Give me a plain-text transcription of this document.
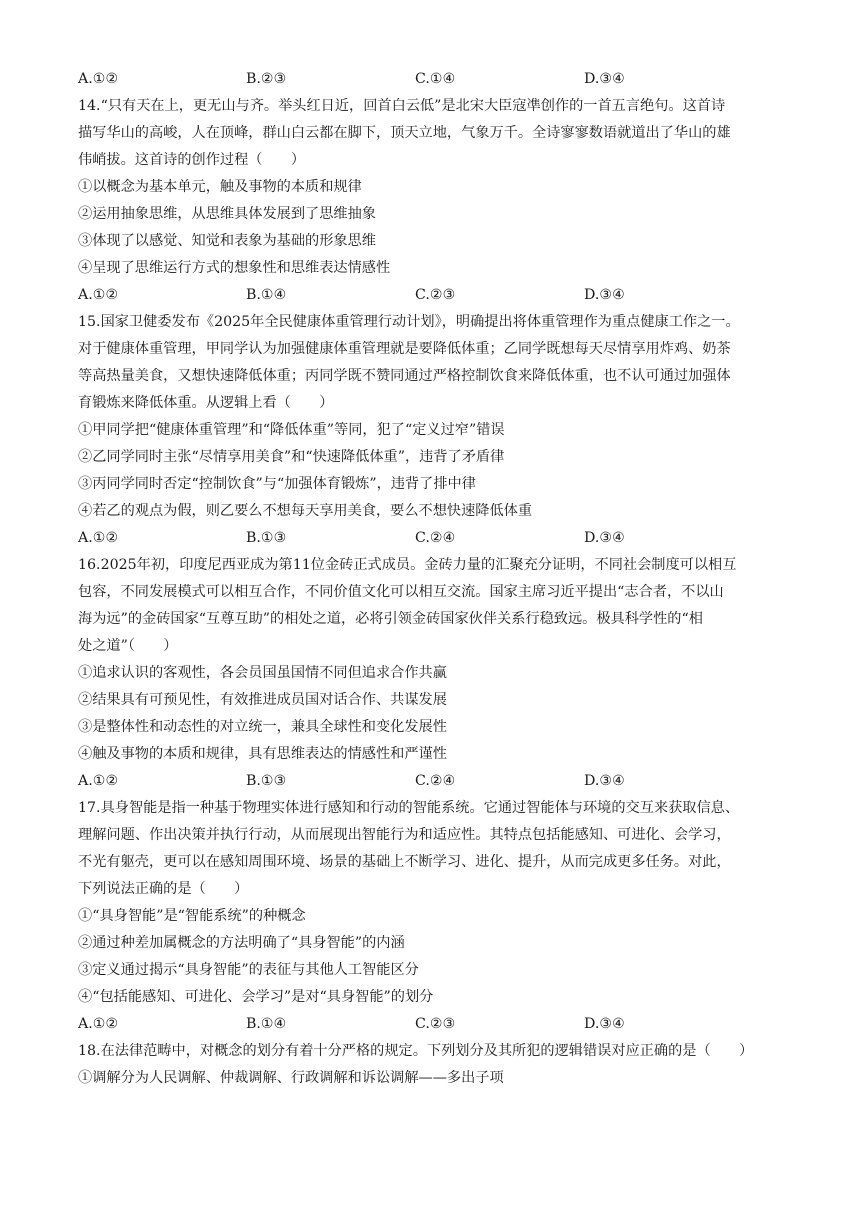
A.①②	B.②③	C.①④	D.③④
14.“只有天在上，更无山与齐。举头红日近，回首白云低”是北宋大臣寇凖创作的一首五言绝句。这首诗
描写华山的高峻，人在顶峰，群山白云都在脚下，顶天立地，气象万千。全诗寥寥数语就道出了华山的雄
伟峭拔。这首诗的创作过程（　　）
①以概念为基本单元，触及事物的本质和规律
②运用抽象思维，从思维具体发展到了思维抽象
③体现了以感觉、知觉和表象为基础的形象思维
④呈现了思维运行方式的想象性和思维表达情感性
A.①②	B.①④	C.②③	D.③④
15.国家卫健委发布《2025年全民健康体重管理行动计划》，明确提出将体重管理作为重点健康工作之一。
对于健康体重管理，甲同学认为加强健康体重管理就是要降低体重；乙同学既想每天尽情享用炸鸡、奶茶
等高热量美食，又想快速降低体重；丙同学既不赞同通过严格控制饮食来降低体重，也不认可通过加强体
育锻炼来降低体重。从逻辑上看（　　）
①甲同学把“健康体重管理”和“降低体重”等同，犯了“定义过窄”错误
②乙同学同时主张“尽情享用美食”和“快速降低体重”，违背了矛盾律
③丙同学同时否定“控制饮食”与“加强体育锻炼”，违背了排中律
④若乙的观点为假，则乙要么不想每天享用美食，要么不想快速降低体重
A.①②	B.①③	C.②④	D.③④
16.2025年初，印度尼西亚成为第11位金砖正式成员。金砖力量的汇聚充分证明，不同社会制度可以相互
包容，不同发展模式可以相互合作，不同价值文化可以相互交流。国家主席习近平提出“志合者，不以山
海为远”的金砖国家“互尊互助”的相处之道，必将引领金砖国家伙伴关系行稳致远。极具科学性的“相
处之道”（　　）
①追求认识的客观性，各会员国虽国情不同但追求合作共赢
②结果具有可预见性，有效推进成员国对话合作、共谋发展
③是整体性和动态性的对立统一，兼具全球性和变化发展性
④触及事物的本质和规律，具有思维表达的情感性和严谨性
A.①②	B.①③	C.②④	D.③④
17.具身智能是指一种基于物理实体进行感知和行动的智能系统。它通过智能体与环境的交互来获取信息、
理解问题、作出决策并执行行动，从而展现出智能行为和适应性。其特点包括能感知、可进化、会学习，
不光有躯壳，更可以在感知周围环境、场景的基础上不断学习、进化、提升，从而完成更多任务。对此，
下列说法正确的是（　　）
①“具身智能”是“智能系统”的种概念
②通过种差加属概念的方法明确了“具身智能”的内涵
③定义通过揭示“具身智能”的表征与其他人工智能区分
④“包括能感知、可进化、会学习”是对“具身智能”的划分
A.①②	B.①④	C.②③	D.③④
18.在法律范畴中，对概念的划分有着十分严格的规定。下列划分及其所犯的逻辑错误对应正确的是（　　）
①调解分为人民调解、仲裁调解、行政调解和诉讼调解——多出子项
